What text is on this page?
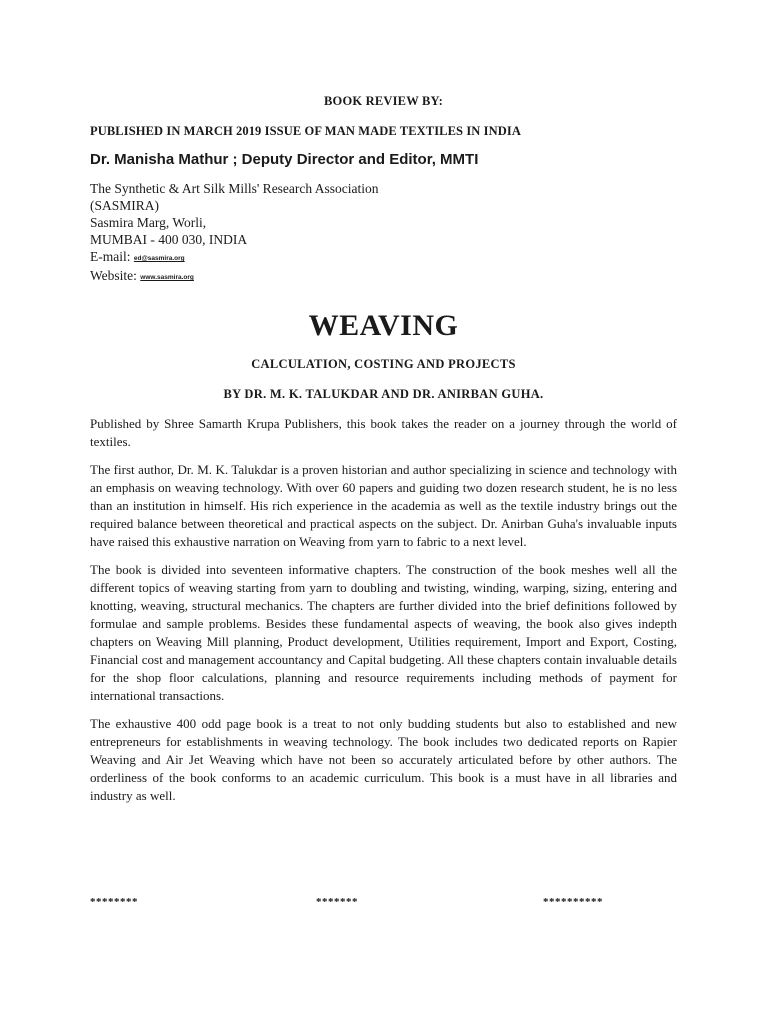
BOOK REVIEW BY:
PUBLISHED IN MARCH 2019 ISSUE OF MAN MADE TEXTILES IN INDIA
Dr. Manisha Mathur ; Deputy Director and Editor, MMTI
The Synthetic & Art Silk Mills' Research Association
(SASMIRA)
Sasmira Marg, Worli,
MUMBAI - 400 030, INDIA
E-mail: ed@sasmira.org
Website: www.sasmira.org
WEAVING
CALCULATION, COSTING AND PROJECTS
BY DR. M. K. TALUKDAR AND DR. ANIRBAN GUHA.

Published by Shree Samarth Krupa Publishers, this book takes the reader on a journey through the world of textiles.

The first author, Dr. M. K. Talukdar is a proven historian and author specializing in science and technology with an emphasis on weaving technology. With over 60 papers and guiding two dozen research student, he is no less than an institution in himself. His rich experience in the academia as well as the textile industry brings out the required balance between theoretical and practical aspects on the subject. Dr. Anirban Guha's invaluable inputs have raised this exhaustive narration on Weaving from yarn to fabric to a next level.

The book is divided into seventeen informative chapters. The construction of the book meshes well all the different topics of weaving starting from yarn to doubling and twisting, winding, warping, sizing, entering and knotting, weaving, structural mechanics. The chapters are further divided into the brief definitions followed by formulae and sample problems. Besides these fundamental aspects of weaving, the book also gives indepth chapters on Weaving Mill planning, Product development, Utilities requirement, Import and Export, Costing, Financial cost and management accountancy and Capital budgeting. All these chapters contain invaluable details for the shop floor calculations, planning and resource requirements including methods of payment for international transactions.

The exhaustive 400 odd page book is a treat to not only budding students but also to established and new entrepreneurs for establishments in weaving technology. The book includes two dedicated reports on Rapier Weaving and Air Jet Weaving which have not been so accurately articulated before by other authors. The orderliness of the book conforms to an academic curriculum. This book is a must have in all libraries and industry as well.

********	*******	**********
